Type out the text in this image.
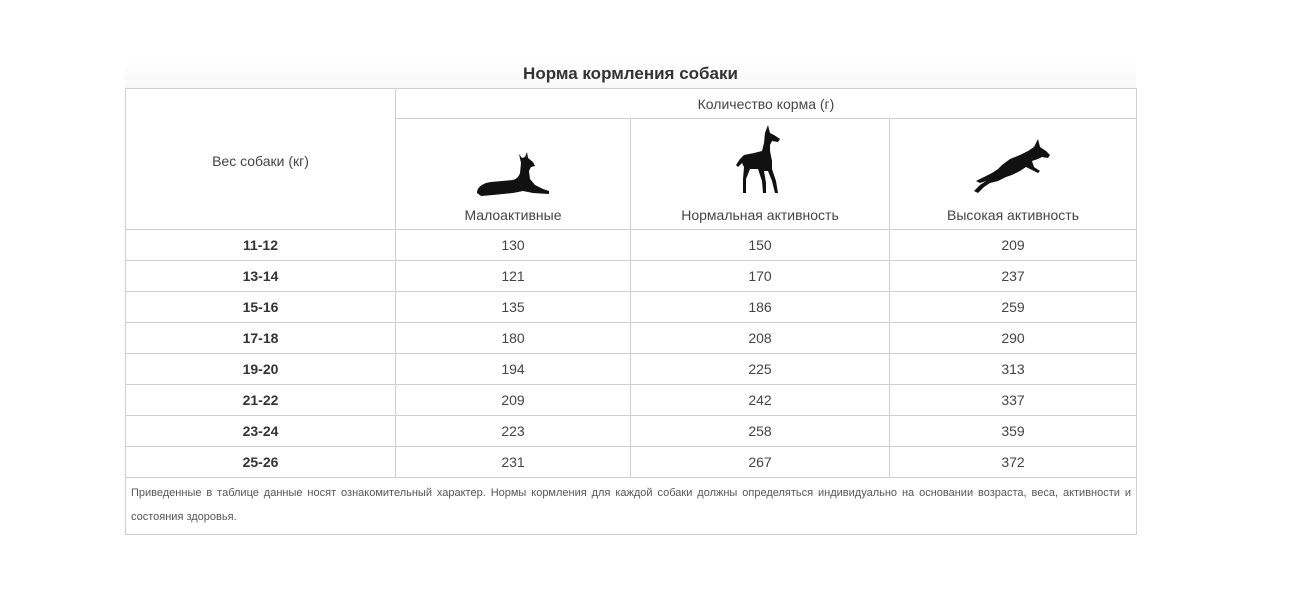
Норма кормления собаки
Вес собаки (кг)	Количество корма (г)		

	Малоактивные	Нормальная активность	Высокая активность

11-12	130	150	209
13-14	121	170	237
15-16	135	186	259
17-18	180	208	290
19-20	194	225	313
21-22	209	242	337
23-24	223	258	359
25-26	231	267	372
Приведенные в таблице данные носят ознакомительный характер. Нормы кормления для каждой собаки должны определяться индивидуально на основании возраста, веса, активности и состояния здоровья.			
